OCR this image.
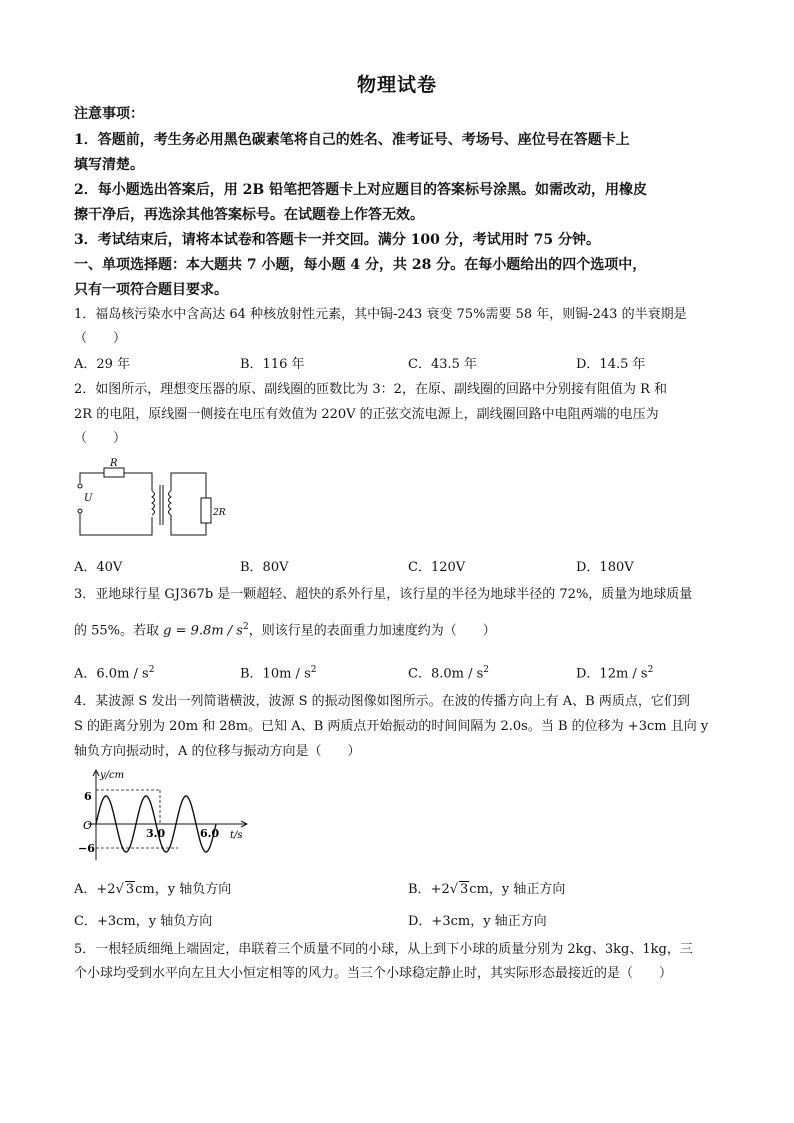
物理试卷
注意事项：
1．答题前，考生务必用黑色碳素笔将自己的姓名、准考证号、考场号、座位号在答题卡上
填写清楚。
2．每小题选出答案后，用 2B 铅笔把答题卡上对应题目的答案标号涂黑。如需改动，用橡皮
擦干净后，再选涂其他答案标号。在试题卷上作答无效。
3．考试结束后，请将本试卷和答题卡一并交回。满分 100 分，考试用时 75 分钟。
一、单项选择题：本大题共 7 小题，每小题 4 分，共 28 分。在每小题给出的四个选项中，
只有一项符合题目要求。
1．福岛核污染水中含高达 64 种核放射性元素，其中锔-243 衰变 75%需要 58 年，则锔-243 的半衰期是
（　　）
A．29 年	B．116 年	C．43.5 年	D．14.5 年
2．如图所示，理想变压器的原、副线圈的匝数比为 3：2，在原、副线圈的回路中分别接有阻值为 R 和
2R 的电阻，原线圈一侧接在电压有效值为 220V 的正弦交流电源上，副线圈回路中电阻两端的电压为
（　　）
R
U
2R
A．40V	B．80V	C．120V	D．180V
3．亚地球行星 GJ367b 是一颗超轻、超快的系外行星，该行星的半径为地球半径的 72%，质量为地球质量
的 55%。若取 $g = 9.8m / s^2$，则该行星的表面重力加速度约为（　　）
A．$6.0m / s^2$	B．$10m / s^2$	C．$8.0m / s^2$	D．$12m / s^2$
4．某波源 S 发出一列简谐横波，波源 S 的振动图像如图所示。在波的传播方向上有 A、B 两质点，它们到
S 的距离分别为 20m 和 28m。已知 A、B 两质点开始振动的时间间隔为 2.0s。当 B 的位移为 +3cm 且向 y
轴负方向振动时，A 的位移与振动方向是（　　）
y/cm
t/s
O
6
−6
3.0	6.0
A．+2√ 3cm，y 轴负方向	B．+2√ 3cm，y 轴正方向
C．+3cm，y 轴负方向	D．+3cm，y 轴正方向
5．一根轻质细绳上端固定，串联着三个质量不同的小球，从上到下小球的质量分别为 2kg、3kg、1kg，三
个小球均受到水平向左且大小恒定相等的风力。当三个小球稳定静止时，其实际形态最接近的是（　　）
